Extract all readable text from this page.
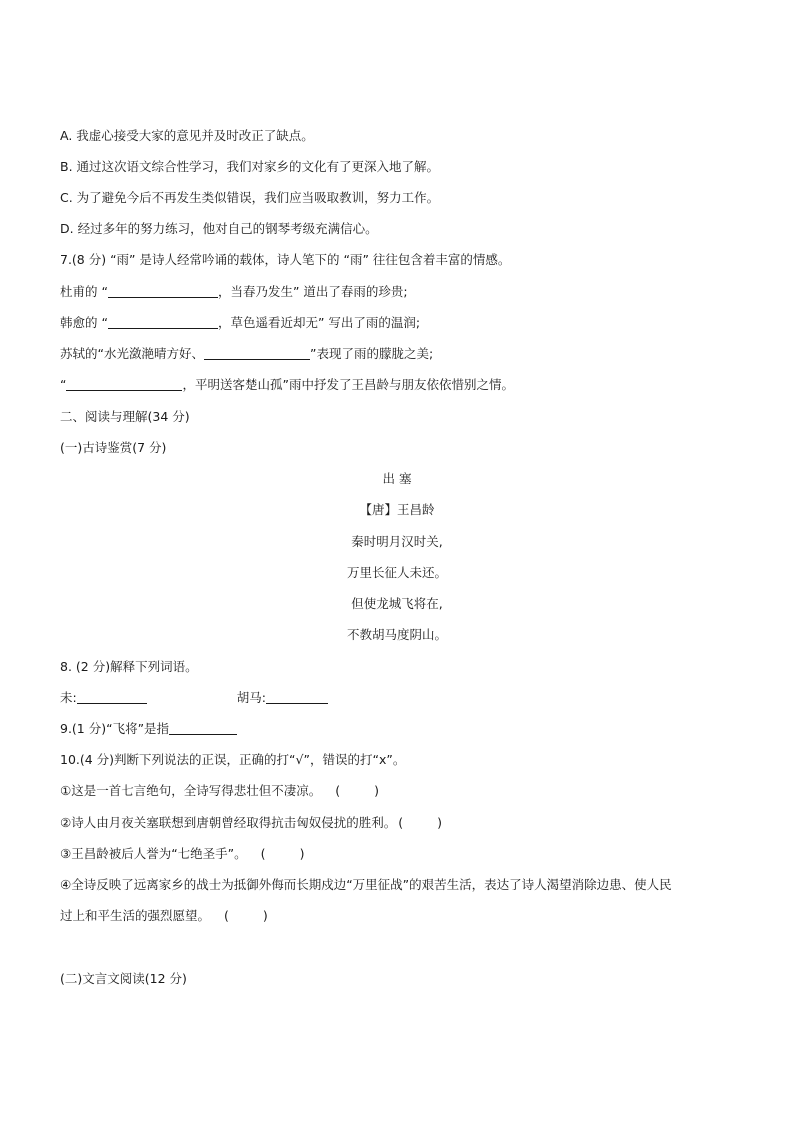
A. 我虚心接受大家的意见并及时改正了缺点。
B. 通过这次语文综合性学习，我们对家乡的文化有了更深入地了解。
C. 为了避免今后不再发生类似错误，我们应当吸取教训，努力工作。
D. 经过多年的努力练习，他对自己的钢琴考级充满信心。
7.(8 分) “雨” 是诗人经常吟诵的载体，诗人笔下的 “雨” 往往包含着丰富的情感。
杜甫的 “	，当春乃发生” 道出了春雨的珍贵;
韩愈的 “	，草色遥看近却无” 写出了雨的温润;
苏轼的“水光潋滟晴方好、	”表现了雨的朦胧之美;
“	，平明送客楚山孤”雨中抒发了王昌龄与朋友依依惜别之情。
二、阅读与理解(34 分)
(一)古诗鉴赏(7 分)
出 塞
【唐】王昌龄
秦时明月汉时关,
万里长征人未还。
但使龙城飞将在,
不教胡马度阴山。
8. (2 分)解释下列词语。
未:	胡马:
9.(1 分)“飞将”是指
10.(4 分)判断下列说法的正误，正确的打“√”，错误的打“x”。
①这是一首七言绝句，全诗写得悲壮但不凄凉。 (	)
②诗人由月夜关塞联想到唐朝曾经取得抗击匈奴侵扰的胜利。 (	)
③王昌龄被后人誉为“七绝圣手”。 (	)
④全诗反映了远离家乡的战士为抵御外侮而长期戍边“万里征战”的艰苦生活，表达了诗人渴望消除边患、使人民
过上和平生活的强烈愿望。 (	)
(二)文言文阅读(12 分)
